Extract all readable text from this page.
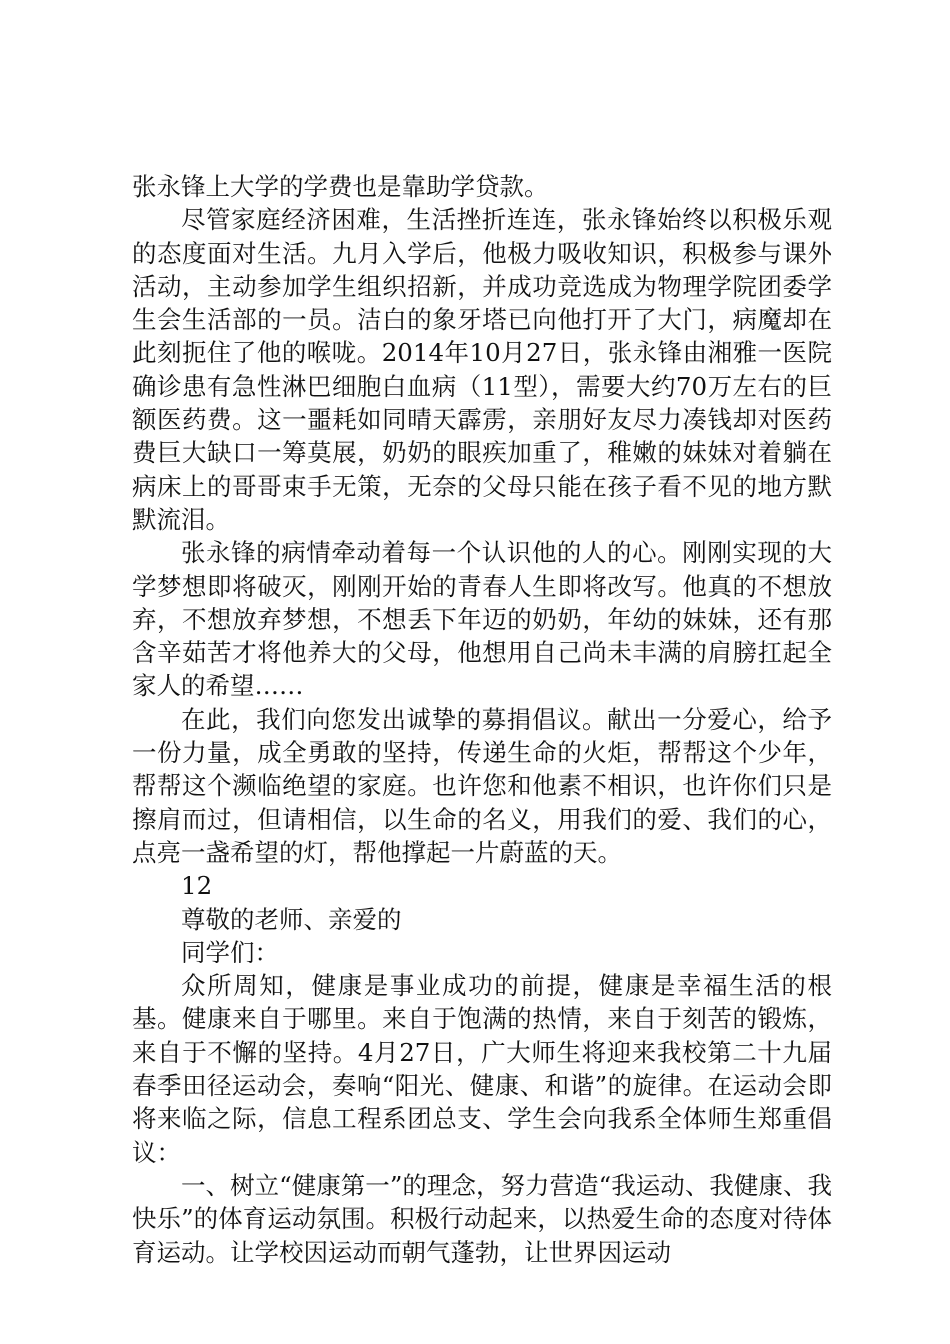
张永锋上大学的学费也是靠助学贷款。

尽管家庭经济困难，生活挫折连连，张永锋始终以积极乐观的态度面对生活。九月入学后，他极力吸收知识，积极参与课外活动，主动参加学生组织招新，并成功竞选成为物理学院团委学生会生活部的一员。洁白的象牙塔已向他打开了大门，病魔却在此刻扼住了他的喉咙。2014年10月27日，张永锋由湘雅一医院确诊患有急性淋巴细胞白血病（11型），需要大约70万左右的巨额医药费。这一噩耗如同晴天霹雳，亲朋好友尽力凑钱却对医药费巨大缺口一筹莫展，奶奶的眼疾加重了，稚嫩的妹妹对着躺在病床上的哥哥束手无策，无奈的父母只能在孩子看不见的地方默默流泪。

张永锋的病情牵动着每一个认识他的人的心。刚刚实现的大学梦想即将破灭，刚刚开始的青春人生即将改写。他真的不想放弃，不想放弃梦想，不想丢下年迈的奶奶，年幼的妹妹，还有那含辛茹苦才将他养大的父母，他想用自己尚未丰满的肩膀扛起全家人的希望……

在此，我们向您发出诚挚的募捐倡议。献出一分爱心，给予一份力量，成全勇敢的坚持，传递生命的火炬，帮帮这个少年，帮帮这个濒临绝望的家庭。也许您和他素不相识，也许你们只是擦肩而过，但请相信，以生命的名义，用我们的爱、我们的心，点亮一盏希望的灯，帮他撑起一片蔚蓝的天。

12

尊敬的老师、亲爱的

同学们：

众所周知，健康是事业成功的前提，健康是幸福生活的根基。健康来自于哪里。来自于饱满的热情，来自于刻苦的锻炼，来自于不懈的坚持。4月27日，广大师生将迎来我校第二十九届春季田径运动会，奏响“阳光、健康、和谐”的旋律。在运动会即将来临之际，信息工程系团总支、学生会向我系全体师生郑重倡议：

一、树立“健康第一”的理念，努力营造“我运动、我健康、我快乐”的体育运动氛围。积极行动起来，以热爱生命的态度对待体育运动。让学校因运动而朝气蓬勃，让世界因运动
